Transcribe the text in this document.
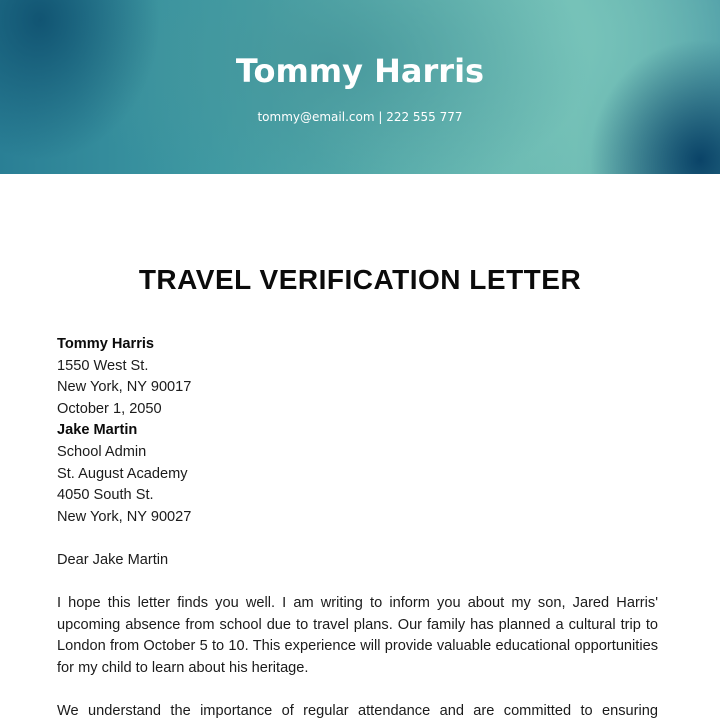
Tommy Harris
tommy@email.com | 222 555 777
TRAVEL VERIFICATION LETTER
Tommy Harris
1550 West St.
New York, NY 90017
October 1, 2050
Jake Martin
School Admin
St. August Academy
4050 South St.
New York, NY 90027
Dear Jake Martin

I hope this letter finds you well. I am writing to inform you about my son, Jared Harris' upcoming absence from school due to travel plans. Our family has planned a cultural trip to London from October 5 to 10. This experience will provide valuable educational opportunities for my child to learn about his heritage.

We understand the importance of regular attendance and are committed to ensuring
